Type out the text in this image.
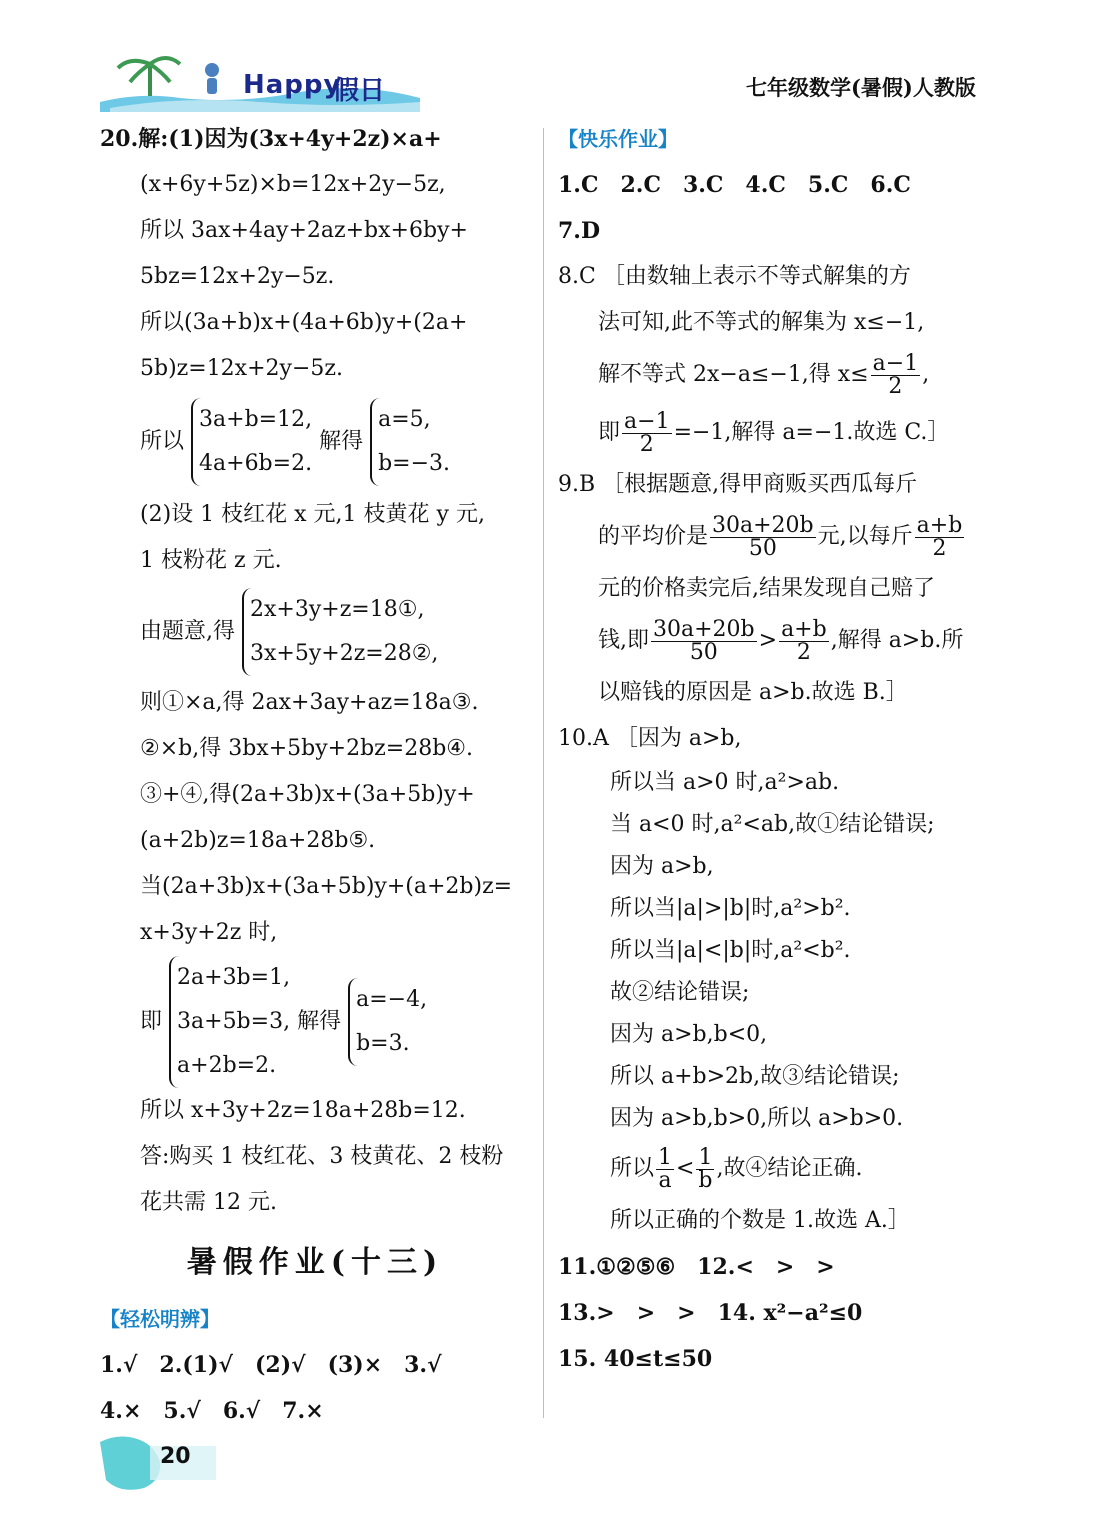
Happy
假日	七年级数学(暑假)人教版
20.解:(1)因为(3x+4y+2z)×a+
(x+6y+5z)×b=12x+2y−5z,
所以 3ax+4ay+2az+bx+6by+
5bz=12x+2y−5z.
所以(3a+b)x+(4a+6b)y+(2a+
5b)z=12x+2y−5z.
所以
3a+b=12,
4a+6b=2.
解得
a=5,
b=−3.
(2)设 1 枝红花 x 元,1 枝黄花 y 元,
1 枝粉花 z 元.
由题意,得
2x+3y+z=18①,
3x+5y+2z=28②,
则①×a,得 2ax+3ay+az=18a③.
②×b,得 3bx+5by+2bz=28b④.
③+④,得(2a+3b)x+(3a+5b)y+
(a+2b)z=18a+28b⑤.
当(2a+3b)x+(3a+5b)y+(a+2b)z=
x+3y+2z 时,
即
2a+3b=1,
3a+5b=3,
a+2b=2.
解得
a=−4,
b=3.
所以 x+3y+2z=18a+28b=12.
答:购买 1 枝红花、3 枝黄花、2 枝粉
花共需 12 元.
暑假作业(十三)
【轻松明辨】
1.√　2.(1)√　(2)√　(3)×　3.√
4.×　5.√　6.√　7.×
【快乐作业】
1.C　2.C　3.C　4.C　5.C　6.C
7.D
8.C ［由数轴上表示不等式解集的方
法可知,此不等式的解集为 x≤−1,
解不等式 2x−a≤−1,得 $x\le \frac{a-1}{2}$ ,
即 $\frac{a-1}{2} =-1$,解得 a=−1.故选 C.］
9.B ［根据题意,得甲商贩买西瓜每斤
的平均价是 $\frac{30a+20b}{50}$ 元,以每斤 $\frac{a+b}{2}$
元的价格卖完后,结果发现自己赔了
钱,即 $\frac{30a+20b}{50} > \frac{a+b}{2}$ ,解得 a>b.所
以赔钱的原因是 a>b.故选 B.］
10.A ［因为 a>b,
所以当 a>0 时,a²>ab.
当 a<0 时,a²<ab,故①结论错误;
因为 a>b,
所以当|a|>|b|时,a²>b².
所以当|a|<|b|时,a²<b².
故②结论错误;
因为 a>b,b<0,
所以 a+b>2b,故③结论错误;
因为 a>b,b>0,所以 a>b>0.
所以 $\frac{1}{a} < \frac{1}{b}$ ,故④结论正确.
所以正确的个数是 1.故选 A.］
11.①②⑤⑥　12.<　>　>
13.>　>　>　14. x²−a²≤0
15. 40≤t≤50
20
